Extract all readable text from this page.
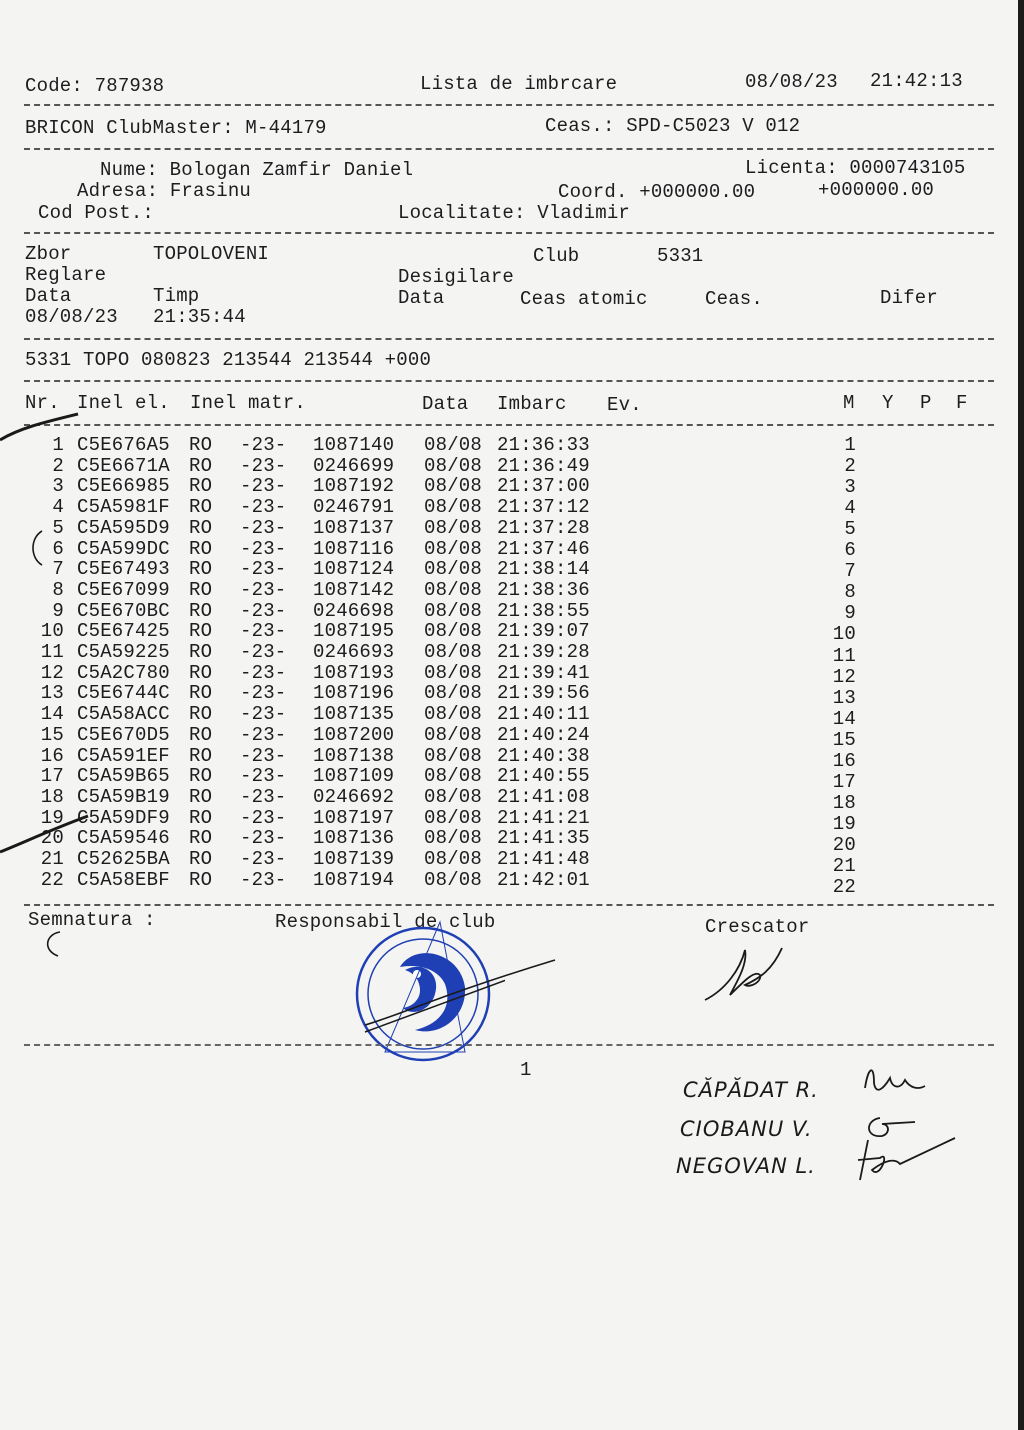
Code: 787938	Lista de imbrcare	08/08/23 21:42:13
BRICON ClubMaster: M-44179	Ceas.: SPD-C5023 V 012
Nume: Bologan Zamfir Daniel	Licenta: 0000743105
Adresa: Frasinu	Coord. +000000.00	+000000.00
Cod Post.:	Localitate: Vladimir
Zbor	TOPOLOVENI	Club	5331
Reglare	Desigilare
Data	Timp	Data	Ceas atomic	Ceas.	Difer
08/08/23 21:35:44
5331 TOPO 080823 213544 213544 +000
Nr. Inel el. Inel matr.	Data Imbarc Ev.	M Y P F
1 C5E676A5 RO -23- 1087140 08/08 21:36:33	1
2 C5E6671A RO -23- 0246699 08/08 21:36:49	2
3 C5E66985 RO -23- 1087192 08/08 21:37:00	3
4 C5A5981F RO -23- 0246791 08/08 21:37:12	4
5 C5A595D9 RO -23- 1087137 08/08 21:37:28	5
6 C5A599DC RO -23- 1087116 08/08 21:37:46	6
7 C5E67493 RO -23- 1087124 08/08 21:38:14	7
8 C5E67099 RO -23- 1087142 08/08 21:38:36	8
9 C5E670BC RO -23- 0246698 08/08 21:38:55	9
10 C5E67425 RO -23- 1087195 08/08 21:39:07	10
11 C5A59225 RO -23- 0246693 08/08 21:39:28	11
12 C5A2C780 RO -23- 1087193 08/08 21:39:41	12
13 C5E6744C RO -23- 1087196 08/08 21:39:56	13
14 C5A58ACC RO -23- 1087135 08/08 21:40:11	14
15 C5E670D5 RO -23- 1087200 08/08 21:40:24	15
16 C5A591EF RO -23- 1087138 08/08 21:40:38	16
17 C5A59B65 RO -23- 1087109 08/08 21:40:55	17
18 C5A59B19 RO -23- 0246692 08/08 21:41:08	18
19 C5A59DF9 RO -23- 1087197 08/08 21:41:21	19
20 C5A59546 RO -23- 1087136 08/08 21:41:35	20
21 C52625BA RO -23- 1087139 08/08 21:41:48	21
22 C5A58EBF RO -23- 1087194 08/08 21:42:01	22
Semnatura :	Responsabil de club	Crescator
1
CĂPĂDAT R.
CIOBANU V.
NEGOVAN L.
